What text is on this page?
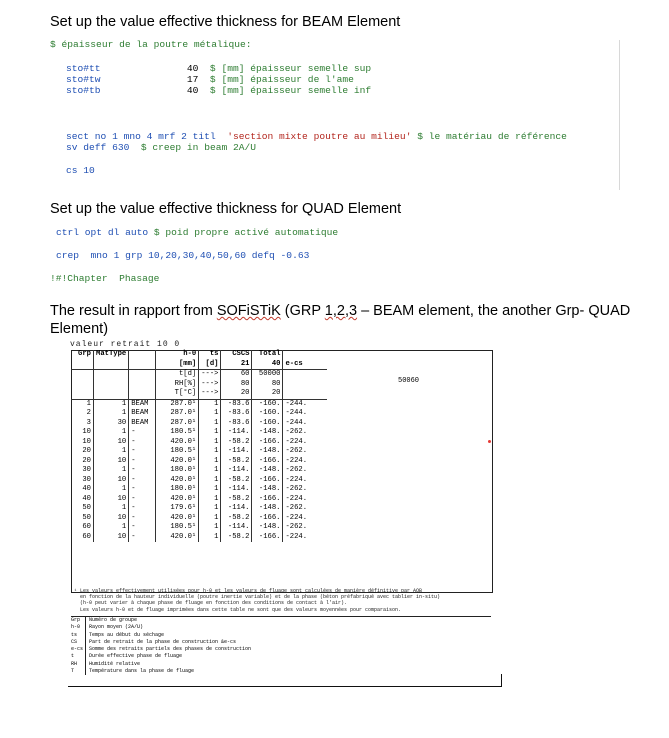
Set up the value effective thickness for BEAM Element
$ épaisseur de la poutre métalique:
sto#tt	40  $ [mm] épaisseur semelle sup
sto#tw	17  $ [mm] épaisseur de l'ame
sto#tb	40  $ [mm] épaisseur semelle inf

sect no 1 mno 4 mrf 2 titl 'section mixte poutre au milieu' $ le matériau de référence
sv deff 630 $ creep in beam 2A/U
cs 10
Set up the value effective thickness for QUAD Element
ctrl opt dl auto $ poid propre activé automatique
crep mno 1 grp 10,20,30,40,50,60 defq -0.63
!#!Chapter Phasage
The result in rapport from SOFiSTiK (GRP 1,2,3 – BEAM element, the another Grp- QUAD Element)
valeur retrait 10 0
Grp	MatType		h-0	ts	CSCS	Total	
			[mm]	[d]	21	40	e-cs
			t[d]	--->	60	50000	
			RH[%]	--->	80	80	
			T[°C]	--->	20	20	
1	1	BEAM	287.0¹	1	-83.6	-160.	-244.
2	1	BEAM	287.0¹	1	-83.6	-160.	-244.
3	30	BEAM	287.0¹	1	-83.6	-160.	-244.
10	1	-	180.5¹	1	-114.	-148.	-262.
10	10	-	420.0¹	1	-58.2	-166.	-224.
20	1	-	180.5¹	1	-114.	-148.	-262.
20	10	-	420.0¹	1	-58.2	-166.	-224.
30	1	-	180.0¹	1	-114.	-148.	-262.
30	10	-	420.0¹	1	-58.2	-166.	-224.
40	1	-	180.0¹	1	-114.	-148.	-262.
40	10	-	420.0¹	1	-58.2	-166.	-224.
50	1	-	179.6¹	1	-114.	-148.	-262.
50	10	-	420.0¹	1	-58.2	-166.	-224.
60	1	-	180.5¹	1	-114.	-148.	-262.
60	10	-	420.0¹	1	-58.2	-166.	-224.
¹ Les valeurs effectivement utilisées pour h-0 et les valeurs de fluage sont calculées de manière définitive par AQB
en fonction de la hauteur individuelle (poutre inertie variable) et de la phase (béton préfabriqué avec tablier in-situ)
(h-0 peut varier à chaque phase de fluage en fonction des conditions de contact à l'air).
Les valeurs h-0 et de fluage imprimées dans cette table ne sont que des valeurs moyennées pour comparaison.
Grp  Numéro de groupe
h-0  Rayon moyen (2A/U)
ts   Temps au début du séchage
CS   Part de retrait de la phase de construction &e-cs
e-cs Somme des retraits partiels des phases de construction
t    Durée effective phase de fluage
RH   Humidité relative
T    Température dans la phase de fluage
50060
